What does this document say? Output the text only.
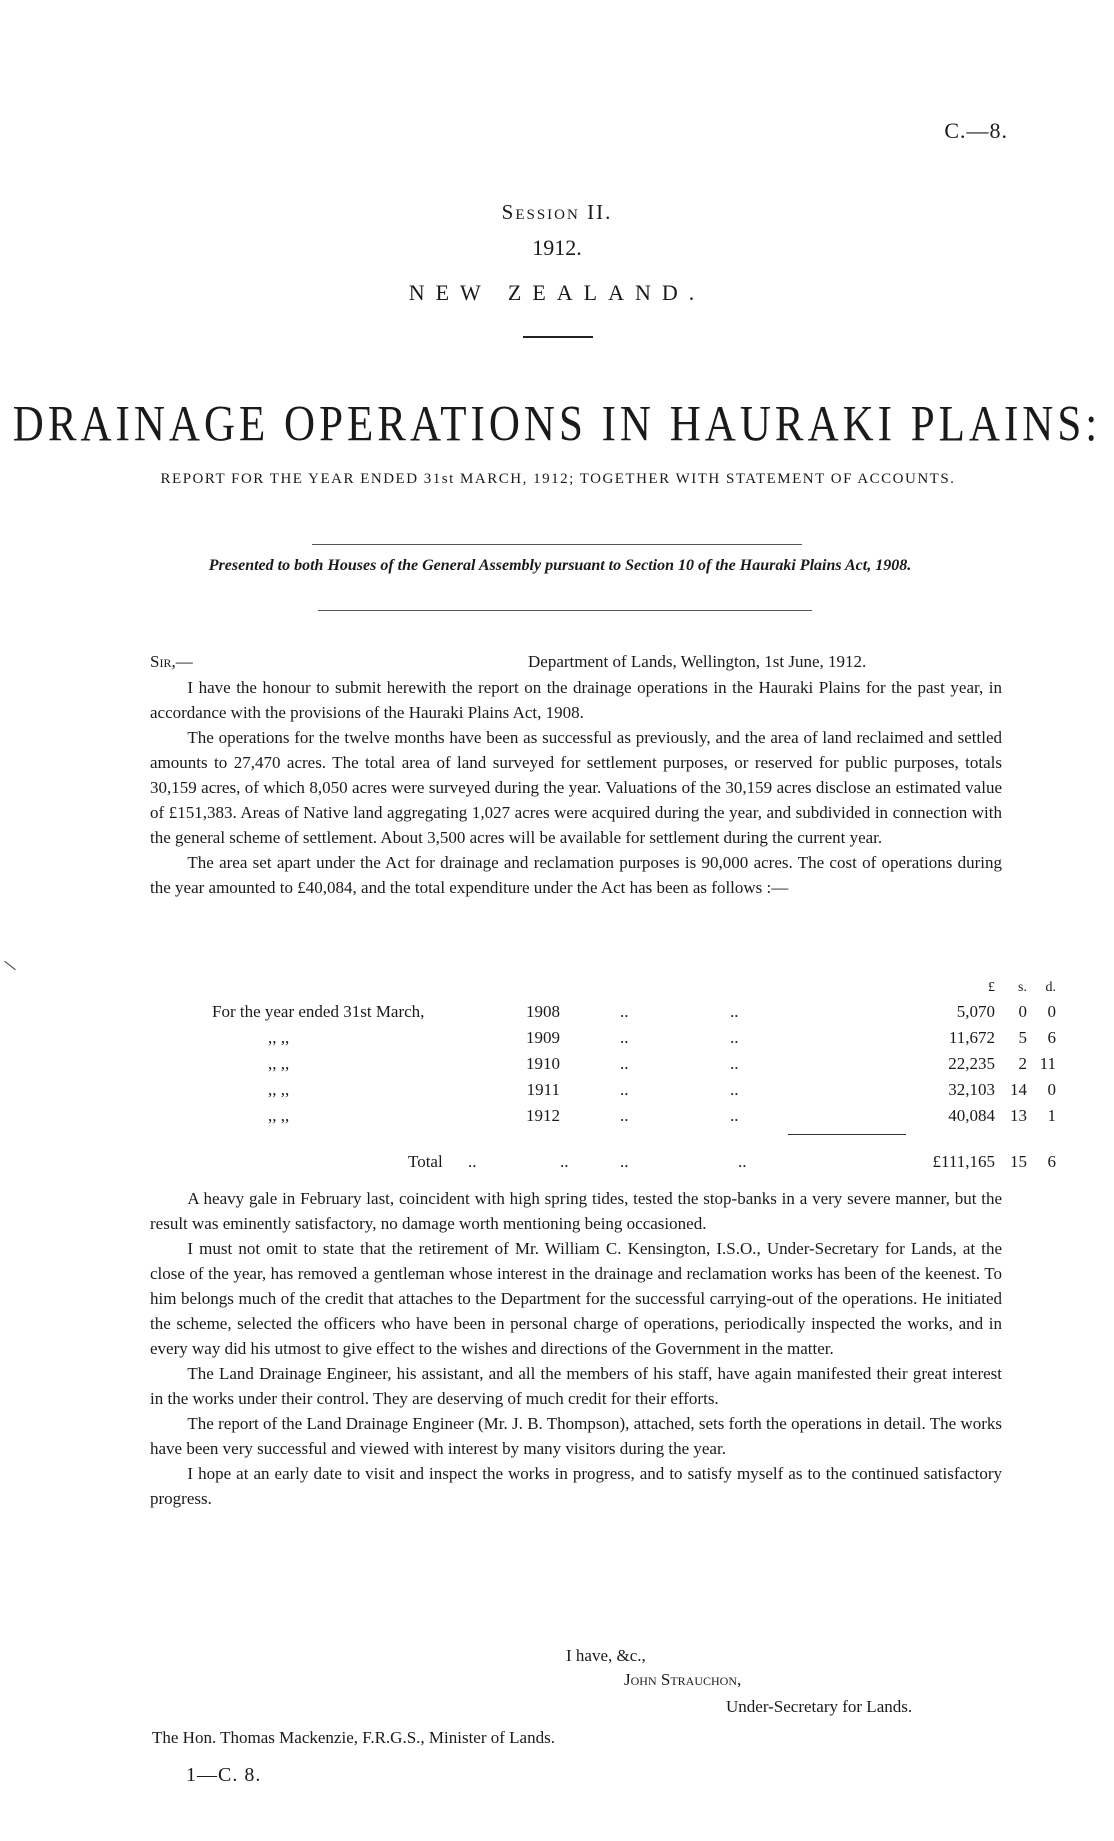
C.—8.
Session II.
1912.
NEW ZEALAND.
DRAINAGE OPERATIONS IN HAURAKI PLAINS:
REPORT FOR THE YEAR ENDED 31st MARCH, 1912; TOGETHER WITH STATEMENT OF ACCOUNTS.
Presented to both Houses of the General Assembly pursuant to Section 10 of the Hauraki Plains Act, 1908.
Sir,—	Department of Lands, Wellington, 1st June, 1912.

I have the honour to submit herewith the report on the drainage operations in the Hauraki Plains for the past year, in accordance with the provisions of the Hauraki Plains Act, 1908.

The operations for the twelve months have been as successful as previously, and the area of land reclaimed and settled amounts to 27,470 acres. The total area of land surveyed for settlement purposes, or reserved for public purposes, totals 30,159 acres, of which 8,050 acres were surveyed during the year. Valuations of the 30,159 acres disclose an estimated value of £151,383. Areas of Native land aggregating 1,027 acres were acquired during the year, and subdivided in connection with the general scheme of settlement. About 3,500 acres will be available for settlement during the current year.

The area set apart under the Act for drainage and reclamation purposes is 90,000 acres. The cost of operations during the year amounted to £40,084, and the total expenditure under the Act has been as follows :—

£	s.	d.
For the year ended 31st March,	1908	..	..	5,070	0	0
,, ,,	1909	..	..	11,672	5	6
,, ,,	1910	..	..	22,235	2 11
,, ,,	1911	..	..	32,103 14	0
,, ,,	1912	..	..	40,084 13	1
Total ..	..	..	..	£111,165 15	6

A heavy gale in February last, coincident with high spring tides, tested the stop-banks in a very severe manner, but the result was eminently satisfactory, no damage worth mentioning being occasioned.

I must not omit to state that the retirement of Mr. William C. Kensington, I.S.O., Under-Secretary for Lands, at the close of the year, has removed a gentleman whose interest in the drainage and reclamation works has been of the keenest. To him belongs much of the credit that attaches to the Department for the successful carrying-out of the operations. He initiated the scheme, selected the officers who have been in personal charge of operations, periodically inspected the works, and in every way did his utmost to give effect to the wishes and directions of the Government in the matter.

The Land Drainage Engineer, his assistant, and all the members of his staff, have again manifested their great interest in the works under their control. They are deserving of much credit for their efforts.

The report of the Land Drainage Engineer (Mr. J. B. Thompson), attached, sets forth the operations in detail. The works have been very successful and viewed with interest by many visitors during the year.

I hope at an early date to visit and inspect the works in progress, and to satisfy myself as to the continued satisfactory progress.

I have, &c.,
John Strauchon,
Under-Secretary for Lands.
The Hon. Thomas Mackenzie, F.R.G.S., Minister of Lands.
1—C. 8.
